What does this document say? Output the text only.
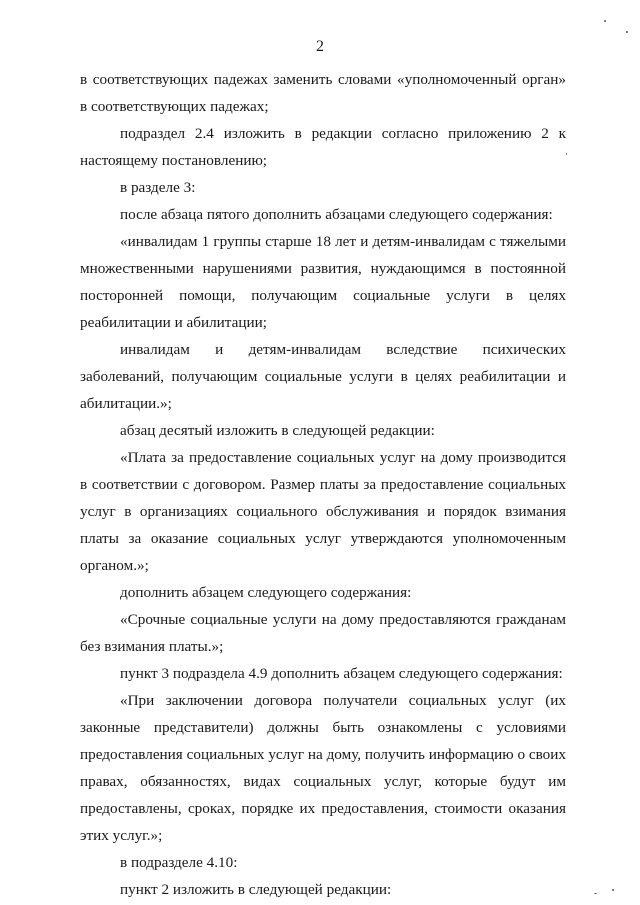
2

в соответствующих падежах заменить словами «уполномоченный орган» в соответствующих падежах;

подраздел 2.4 изложить в редакции согласно приложению 2 к настоящему постановлению;

в разделе 3:

после абзаца пятого дополнить абзацами следующего содержания:

«инвалидам 1 группы старше 18 лет и детям-инвалидам с тяжелыми множественными нарушениями развития, нуждающимся в постоянной посторонней помощи, получающим социальные услуги в целях реабилитации и абилитации;

инвалидам и детям-инвалидам вследствие психических заболеваний, получающим социальные услуги в целях реабилитации и абилитации.»;

абзац десятый изложить в следующей редакции:

«Плата за предоставление социальных услуг на дому производится в соответствии с договором. Размер платы за предоставление социальных услуг в организациях социального обслуживания и порядок взимания платы за оказание социальных услуг утверждаются уполномоченным органом.»;

дополнить абзацем следующего содержания:

«Срочные социальные услуги на дому предоставляются гражданам без взимания платы.»;

пункт 3 подраздела 4.9 дополнить абзацем следующего содержания:

«При заключении договора получатели социальных услуг (их законные представители) должны быть ознакомлены с условиями предоставления социальных услуг на дому, получить информацию о своих правах, обязанностях, видах социальных услуг, которые будут им предоставлены, сроках, порядке их предоставления, стоимости оказания этих услуг.»;

в подразделе 4.10:

пункт 2 изложить в следующей редакции:
